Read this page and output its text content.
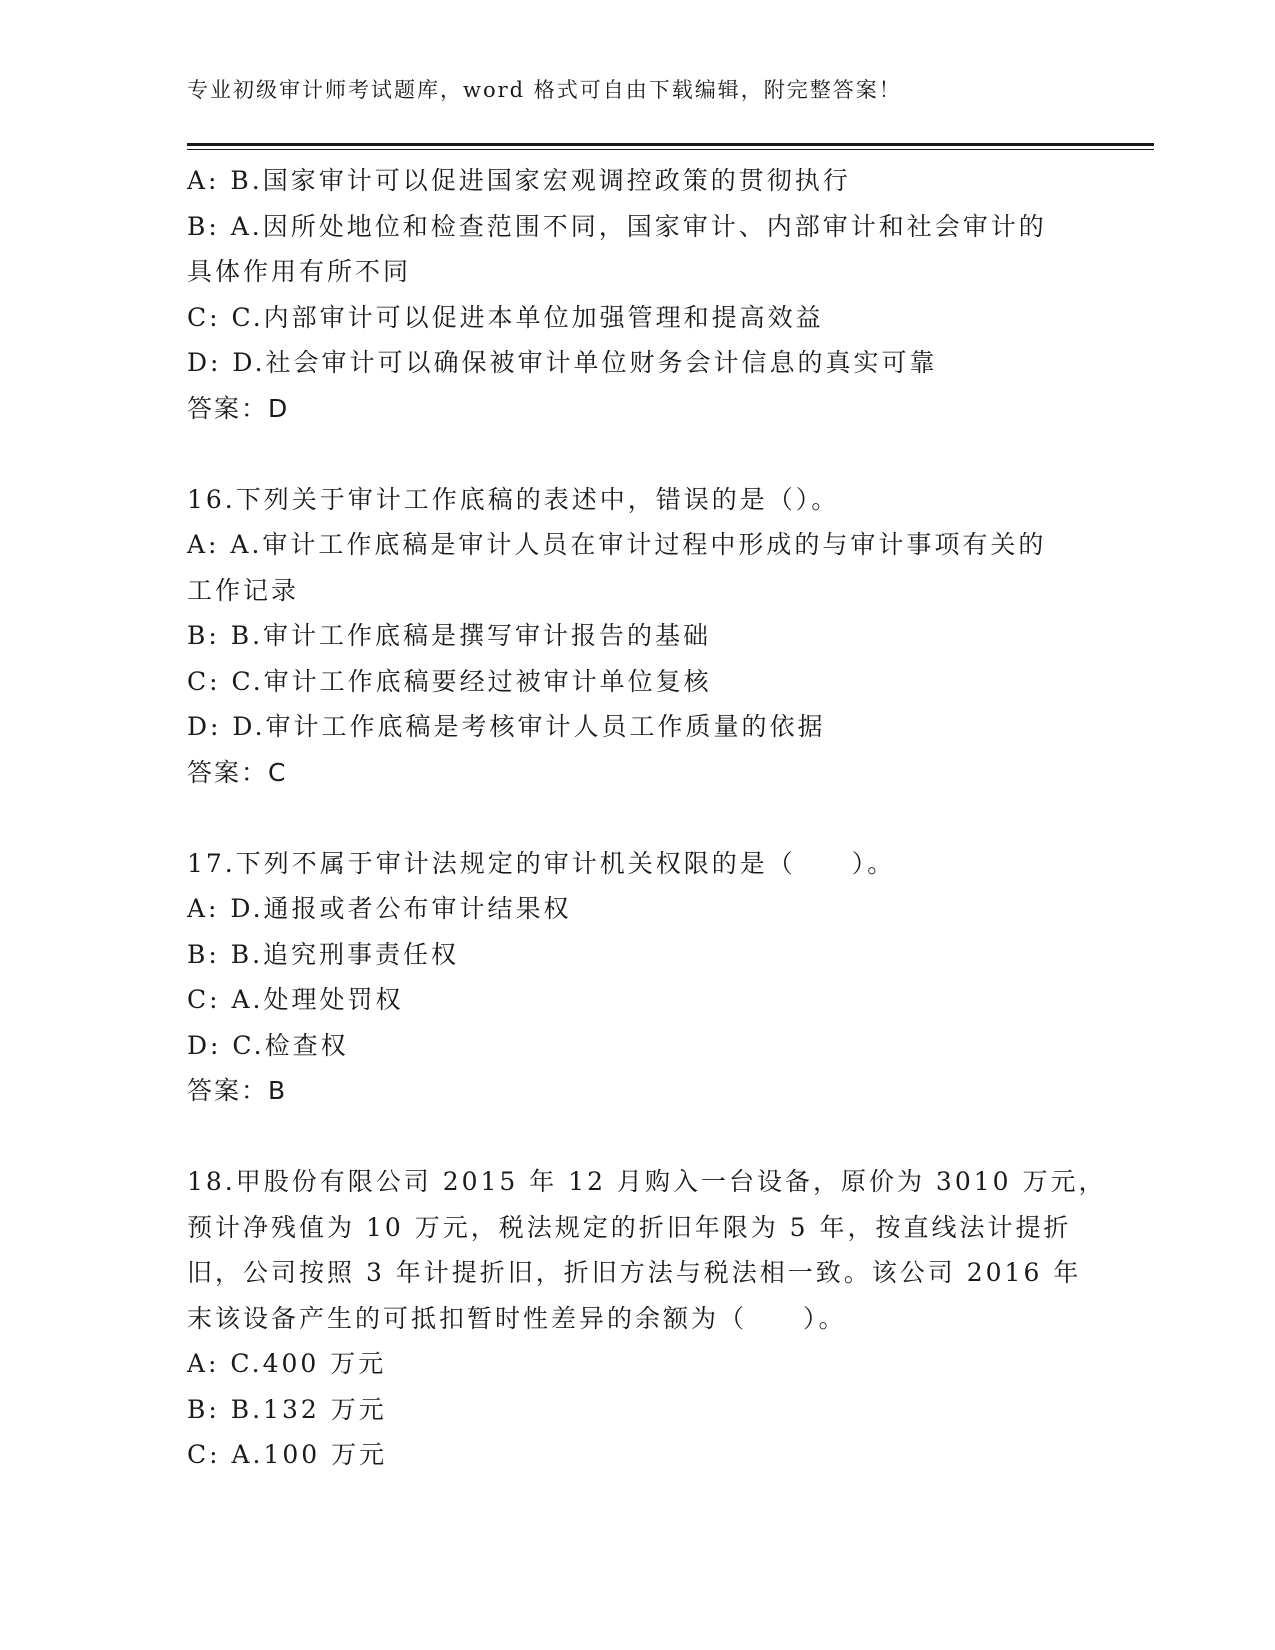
专业初级审计师考试题库，word 格式可自由下载编辑，附完整答案！
A: B.国家审计可以促进国家宏观调控政策的贯彻执行
B: A.因所处地位和检查范围不同，国家审计、内部审计和社会审计的
具体作用有所不同
C: C.内部审计可以促进本单位加强管理和提高效益
D: D.社会审计可以确保被审计单位财务会计信息的真实可靠
答案：D
16.下列关于审计工作底稿的表述中，错误的是（）。
A: A.审计工作底稿是审计人员在审计过程中形成的与审计事项有关的
工作记录
B: B.审计工作底稿是撰写审计报告的基础
C: C.审计工作底稿要经过被审计单位复核
D: D.审计工作底稿是考核审计人员工作质量的依据
答案：C
17.下列不属于审计法规定的审计机关权限的是（　　）。
A: D.通报或者公布审计结果权
B: B.追究刑事责任权
C: A.处理处罚权
D: C.检查权
答案：B
18.甲股份有限公司 2015 年 12 月购入一台设备，原价为 3010 万元，
预计净残值为 10 万元，税法规定的折旧年限为 5 年，按直线法计提折
旧，公司按照 3 年计提折旧，折旧方法与税法相一致。该公司 2016 年
末该设备产生的可抵扣暂时性差异的余额为（　　）。
A: C.400 万元
B: B.132 万元
C: A.100 万元
